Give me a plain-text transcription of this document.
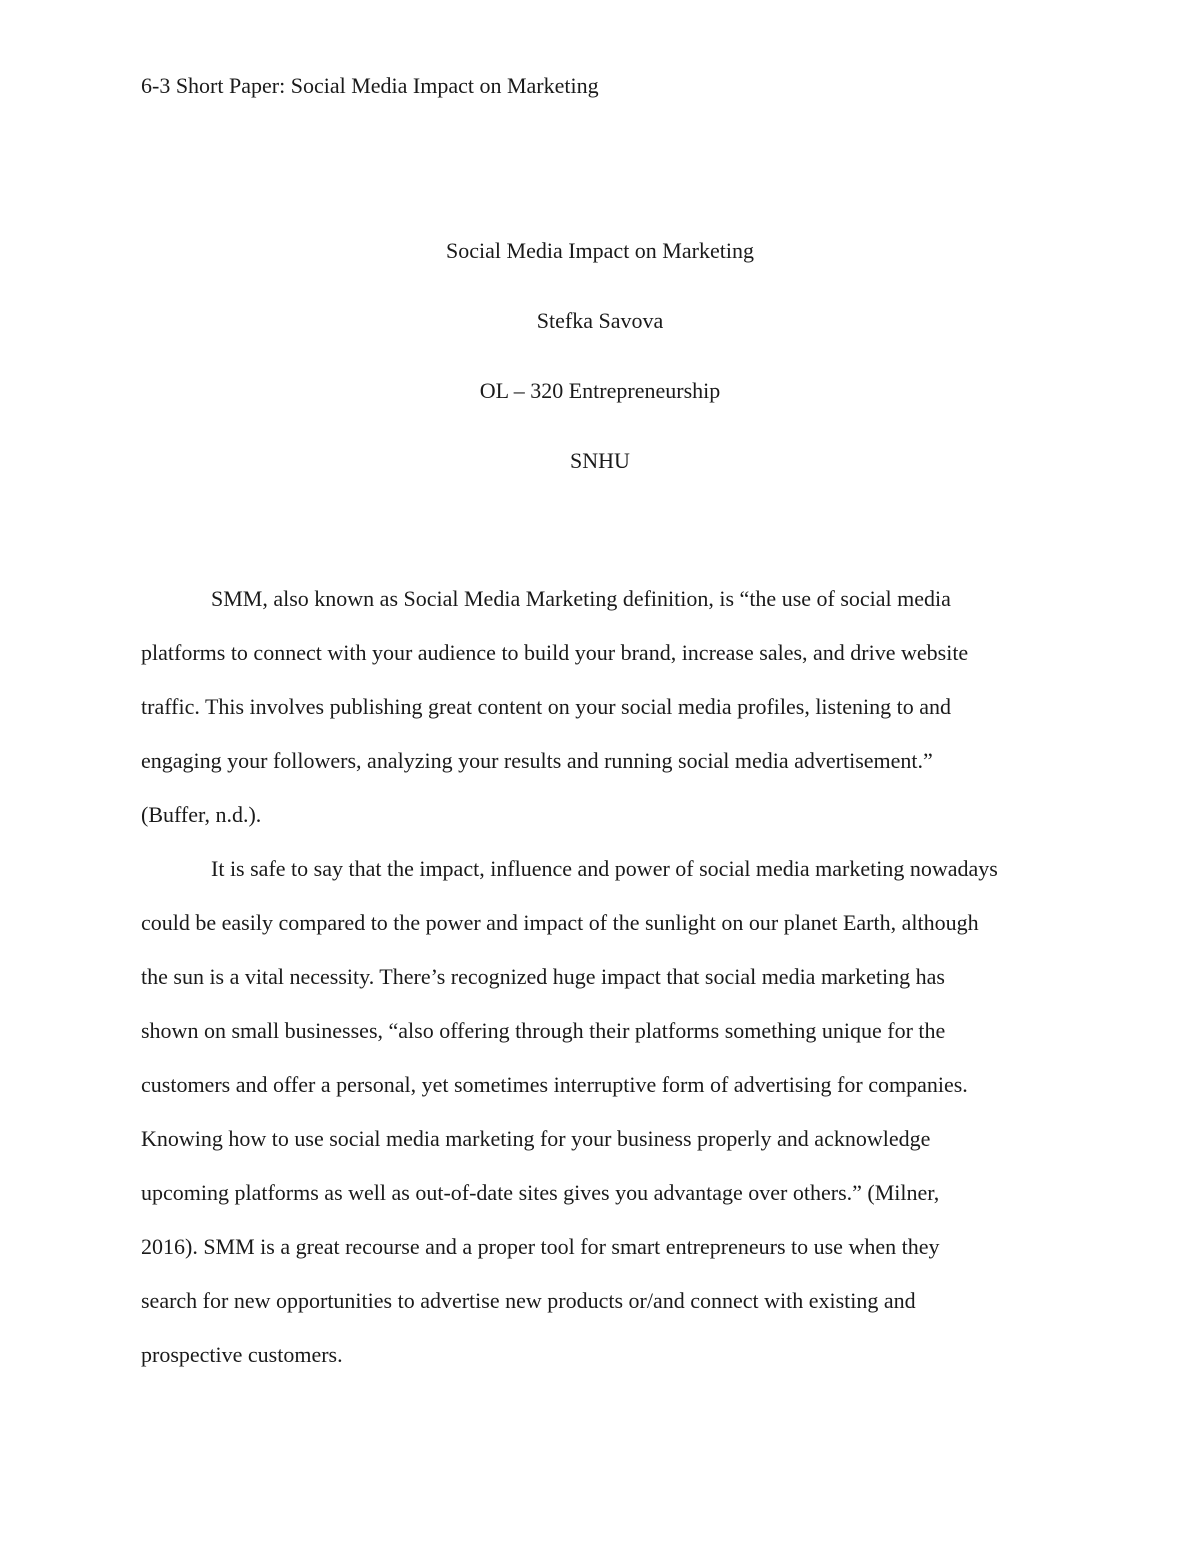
6-3 Short Paper: Social Media Impact on Marketing
Social Media Impact on Marketing
Stefka Savova
OL – 320 Entrepreneurship
SNHU
SMM, also known as Social Media Marketing definition, is “the use of social media
platforms to connect with your audience to build your brand, increase sales, and drive website
traffic. This involves publishing great content on your social media profiles, listening to and
engaging your followers, analyzing your results and running social media advertisement.”
(Buffer, n.d.).
It is safe to say that the impact, influence and power of social media marketing nowadays
could be easily compared to the power and impact of the sunlight on our planet Earth, although
the sun is a vital necessity. There’s recognized huge impact that social media marketing has
shown on small businesses, “also offering through their platforms something unique for the
customers and offer a personal, yet sometimes interruptive form of advertising for companies.
Knowing how to use social media marketing for your business properly and acknowledge
upcoming platforms as well as out-of-date sites gives you advantage over others.” (Milner,
2016). SMM is a great recourse and a proper tool for smart entrepreneurs to use when they
search for new opportunities to advertise new products or/and connect with existing and
prospective customers.
